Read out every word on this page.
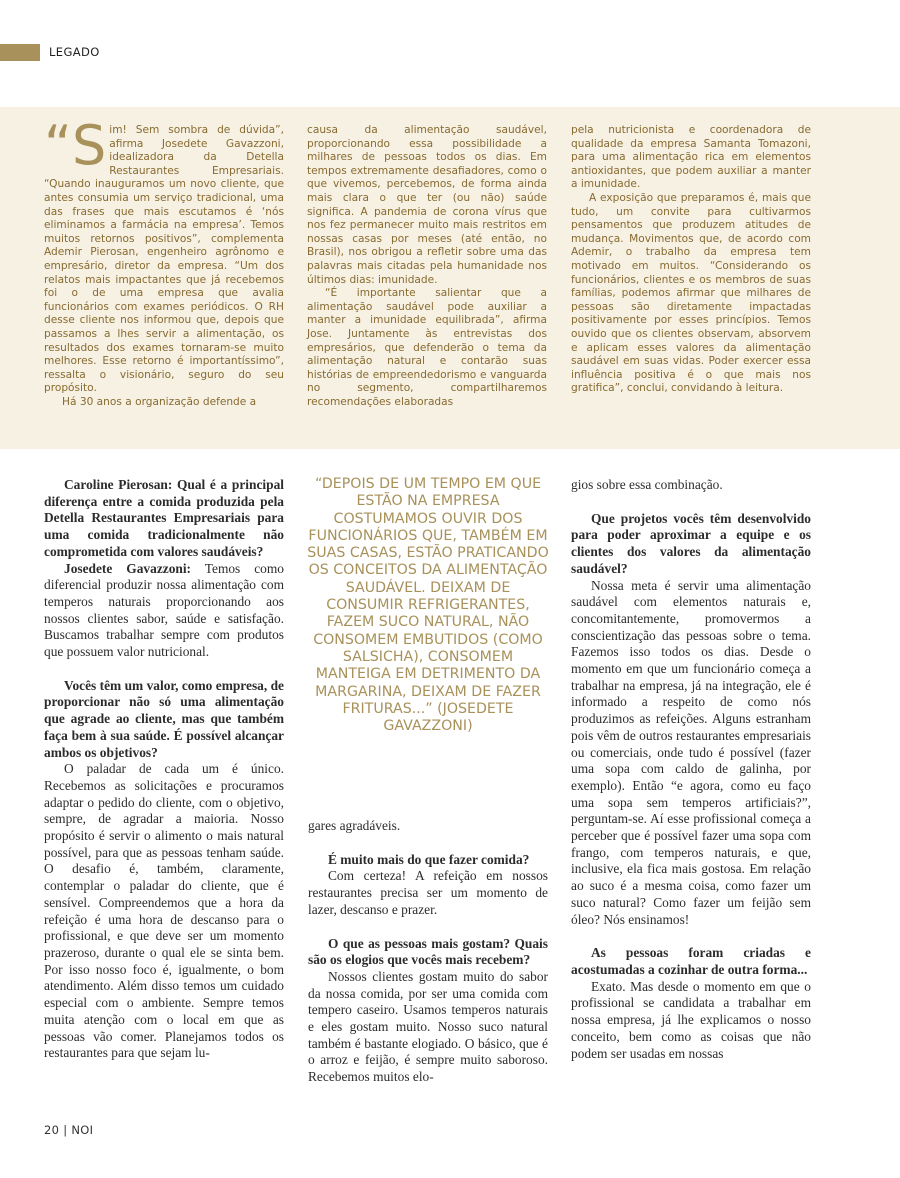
LEGADO

“S im! Sem sombra de dúvida”, afirma Josedete Gavazzoni, idealizadora da Detella Restaurantes Empresariais. “Quando inauguramos um novo cliente, que antes consumia um serviço tradicional, uma das frases que mais escutamos é ‘nós eliminamos a farmácia na empresa’. Temos muitos retornos positivos”, complementa Ademir Pierosan, engenheiro agrônomo e empresário, diretor da empresa. “Um dos relatos mais impactantes que já recebemos foi o de uma empresa que avalia funcionários com exames periódicos. O RH desse cliente nos informou que, depois que passamos a lhes servir a alimentação, os resultados dos exames tornaram-se muito melhores. Esse retorno é importantíssimo”, ressalta o visionário, seguro do seu propósito.

Há 30 anos a organização defende a

causa da alimentação saudável, proporcionando essa possibilidade a milhares de pessoas todos os dias. Em tempos extremamente desafiadores, como o que vivemos, percebemos, de forma ainda mais clara o que ter (ou não) saúde significa. A pandemia de corona vírus que nos fez permanecer muito mais restritos em nossas casas por meses (até então, no Brasil), nos obrigou a refletir sobre uma das palavras mais citadas pela humanidade nos últimos dias: imunidade.

“É importante salientar que a alimentação saudável pode auxiliar a manter a imunidade equilibrada”, afirma Jose. Juntamente às entrevistas dos empresários, que defenderão o tema da alimentação natural e contarão suas histórias de empreendedorismo e vanguarda no segmento, compartilharemos recomendações elaboradas

pela nutricionista e coordenadora de qualidade da empresa Samanta Tomazoni, para uma alimentação rica em elementos antioxidantes, que podem auxiliar a manter a imunidade.

A exposição que preparamos é, mais que tudo, um convite para cultivarmos pensamentos que produzem atitudes de mudança. Movimentos que, de acordo com Ademir, o trabalho da empresa tem motivado em muitos. “Considerando os funcionários, clientes e os membros de suas famílias, podemos afirmar que milhares de pessoas são diretamente impactadas positivamente por esses princípios. Temos ouvido que os clientes observam, absorvem e aplicam esses valores da alimentação saudável em suas vidas. Poder exercer essa influência positiva é o que mais nos gratifica”, conclui, convidando à leitura.

Caroline Pierosan: Qual é a principal diferença entre a comida produzida pela Detella Restaurantes Empresariais para uma comida tradicionalmente não comprometida com valores saudáveis?

Josedete Gavazzoni: Temos como diferencial produzir nossa alimentação com temperos naturais proporcionando aos nossos clientes sabor, saúde e satisfação. Buscamos trabalhar sempre com produtos que possuem valor nutricional.

Vocês têm um valor, como empresa, de proporcionar não só uma alimentação que agrade ao cliente, mas que também faça bem à sua saúde. É possível alcançar ambos os objetivos?

O paladar de cada um é único. Recebemos as solicitações e procuramos adaptar o pedido do cliente, com o objetivo, sempre, de agradar a maioria. Nosso propósito é servir o alimento o mais natural possível, para que as pessoas tenham saúde. O desafio é, também, claramente, contemplar o paladar do cliente, que é sensível. Compreendemos que a hora da refeição é uma hora de descanso para o profissional, e que deve ser um momento prazeroso, durante o qual ele se sinta bem. Por isso nosso foco é, igualmente, o bom atendimento. Além disso temos um cuidado especial com o ambiente. Sempre temos muita atenção com o local em que as pessoas vão comer. Planejamos todos os restaurantes para que sejam lu-

“DEPOIS DE UM TEMPO EM QUE ESTÃO NA EMPRESA COSTUMAMOS OUVIR DOS FUNCIONÁRIOS QUE, TAMBÉM EM SUAS CASAS, ESTÃO PRATICANDO OS CONCEITOS DA ALIMENTAÇÃO SAUDÁVEL. DEIXAM DE CONSUMIR REFRIGERANTES, FAZEM SUCO NATURAL, NÃO CONSOMEM EMBUTIDOS (COMO SALSICHA), CONSOMEM MANTEIGA EM DETRIMENTO DA MARGARINA, DEIXAM DE FAZER FRITURAS...” (JOSEDETE GAVAZZONI)

gares agradáveis.

É muito mais do que fazer comida?

Com certeza! A refeição em nossos restaurantes precisa ser um momento de lazer, descanso e prazer.

O que as pessoas mais gostam? Quais são os elogios que vocês mais recebem?

Nossos clientes gostam muito do sabor da nossa comida, por ser uma comida com tempero caseiro. Usamos temperos naturais e eles gostam muito. Nosso suco natural também é bastante elogiado. O básico, que é o arroz e feijão, é sempre muito saboroso. Recebemos muitos elo-

gios sobre essa combinação.

Que projetos vocês têm desenvolvido para poder aproximar a equipe e os clientes dos valores da alimentação saudável?

Nossa meta é servir uma alimentação saudável com elementos naturais e, concomitantemente, promovermos a conscientização das pessoas sobre o tema. Fazemos isso todos os dias. Desde o momento em que um funcionário começa a trabalhar na empresa, já na integração, ele é informado a respeito de como nós produzimos as refeições. Alguns estranham pois vêm de outros restaurantes empresariais ou comerciais, onde tudo é possível (fazer uma sopa com caldo de galinha, por exemplo). Então “e agora, como eu faço uma sopa sem temperos artificiais?”, perguntam-se. Aí esse profissional começa a perceber que é possível fazer uma sopa com frango, com temperos naturais, e que, inclusive, ela fica mais gostosa. Em relação ao suco é a mesma coisa, como fazer um suco natural? Como fazer um feijão sem óleo? Nós ensinamos!

As pessoas foram criadas e acostumadas a cozinhar de outra forma...

Exato. Mas desde o momento em que o profissional se candidata a trabalhar em nossa empresa, já lhe explicamos o nosso conceito, bem como as coisas que não podem ser usadas em nossas

20 | NOI
